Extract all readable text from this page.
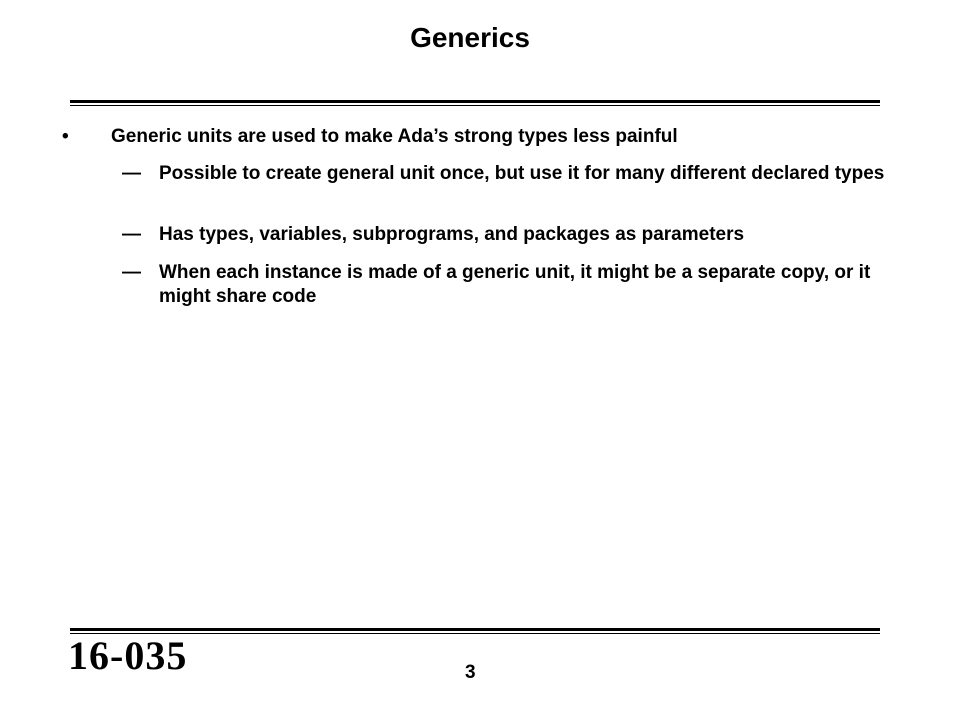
Generics
• Generic units are used to make Ada’s strong types less painful
— Possible to create general unit once, but use it for many different declared types
— Has types, variables, subprograms, and packages as parameters
— When each instance is made of a generic unit, it might be a separate copy, or it might share code
16-035	3
